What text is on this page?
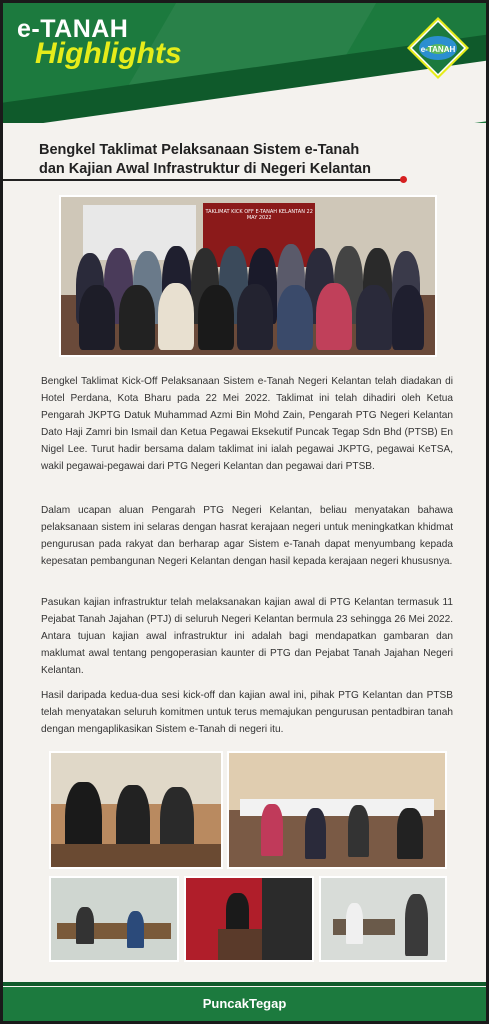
e-TANAH
Highlights	e-TANAH
Bengkel Taklimat Pelaksanaan Sistem e-Tanah
dan Kajian Awal Infrastruktur di Negeri Kelantan
TAKLIMAT KICK OFF E-TANAH KELANTAN 22 MAY 2022

Bengkel Taklimat Kick-Off Pelaksanaan Sistem e-Tanah Negeri Kelantan telah diadakan di Hotel Perdana, Kota Bharu pada 22 Mei 2022. Taklimat ini telah dihadiri oleh Ketua Pengarah JKPTG Datuk Muhammad Azmi Bin Mohd Zain, Pengarah PTG Negeri Kelantan Dato Haji Zamri bin Ismail dan Ketua Pegawai Eksekutif Puncak Tegap Sdn Bhd (PTSB) En Nigel Lee. Turut hadir bersama dalam taklimat ini ialah pegawai JKPTG, pegawai KeTSA, wakil pegawai-pegawai dari PTG Negeri Kelantan dan pegawai dari PTSB.

Dalam ucapan aluan Pengarah PTG Negeri Kelantan, beliau menyatakan bahawa pelaksanaan sistem ini selaras dengan hasrat kerajaan negeri untuk meningkatkan khidmat pengurusan pada rakyat dan berharap agar Sistem e-Tanah dapat menyumbang kepada kepesatan pembangunan Negeri Kelantan dengan hasil kepada kerajaan negeri khususnya.

Pasukan kajian infrastruktur telah melaksanakan kajian awal di PTG Kelantan termasuk 11 Pejabat Tanah Jajahan (PTJ) di seluruh Negeri Kelantan bermula 23 sehingga 26 Mei 2022. Antara tujuan kajian awal infrastruktur ini adalah bagi mendapatkan gambaran dan maklumat awal tentang pengoperasian kaunter di PTG dan Pejabat Tanah Jajahan Negeri Kelantan.

Hasil daripada kedua-dua sesi kick-off dan kajian awal ini, pihak PTG Kelantan dan PTSB telah menyatakan seluruh komitmen untuk terus memajukan pengurusan pentadbiran tanah dengan mengaplikasikan Sistem e-Tanah di negeri itu.

PuncakTegap
